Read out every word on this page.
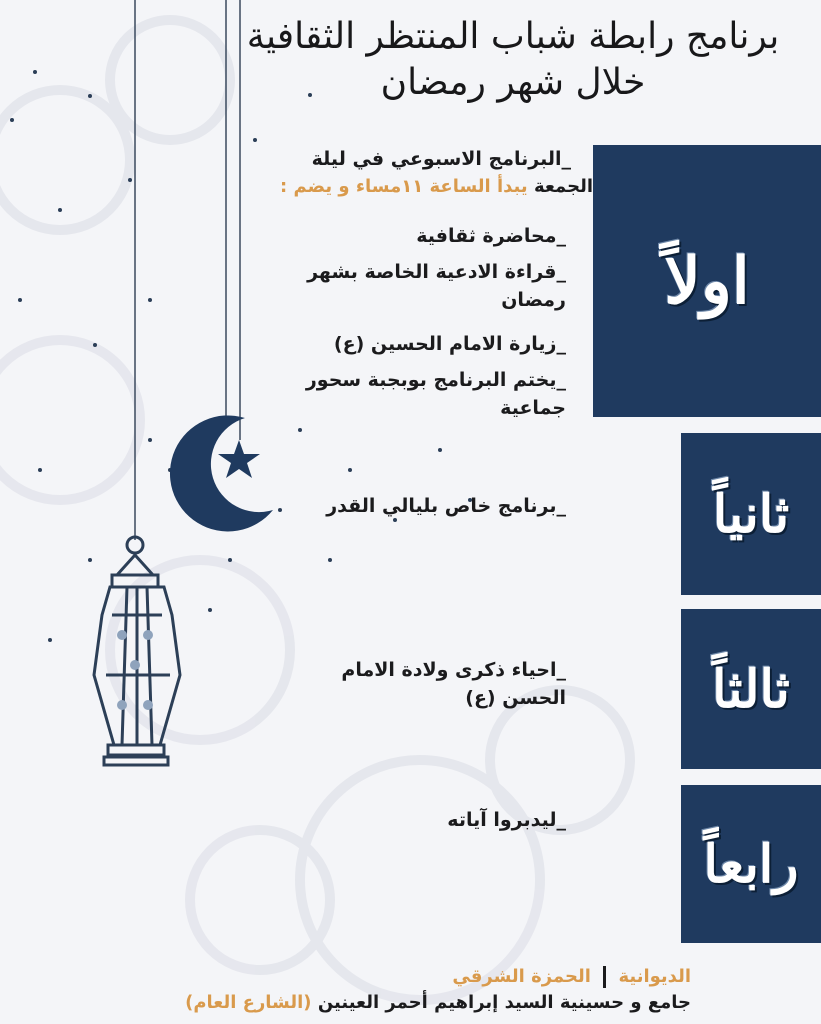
برنامج رابطة شباب المنتظر الثقافية
خلال شهر رمضان
اولاً
ثانياً
ثالثاً
رابعاً
_البرنامج الاسبوعي في ليلة
الجمعة يبدأ الساعة ١١مساء و يضم :
_محاضرة ثقافية
_قراءة الادعية الخاصة بشهر رمضان
_زيارة الامام الحسين (ع)
_يختم البرنامج بوبجبة سحور جماعية
_برنامج خاص بليالي القدر
_احياء ذكرى ولادة الامام الحسن (ع)
_ليدبروا آياته
الديوانية  الحمزة الشرقي
جامع و حسينية السيد إبراهيم أحمر العينين (الشارع العام)
